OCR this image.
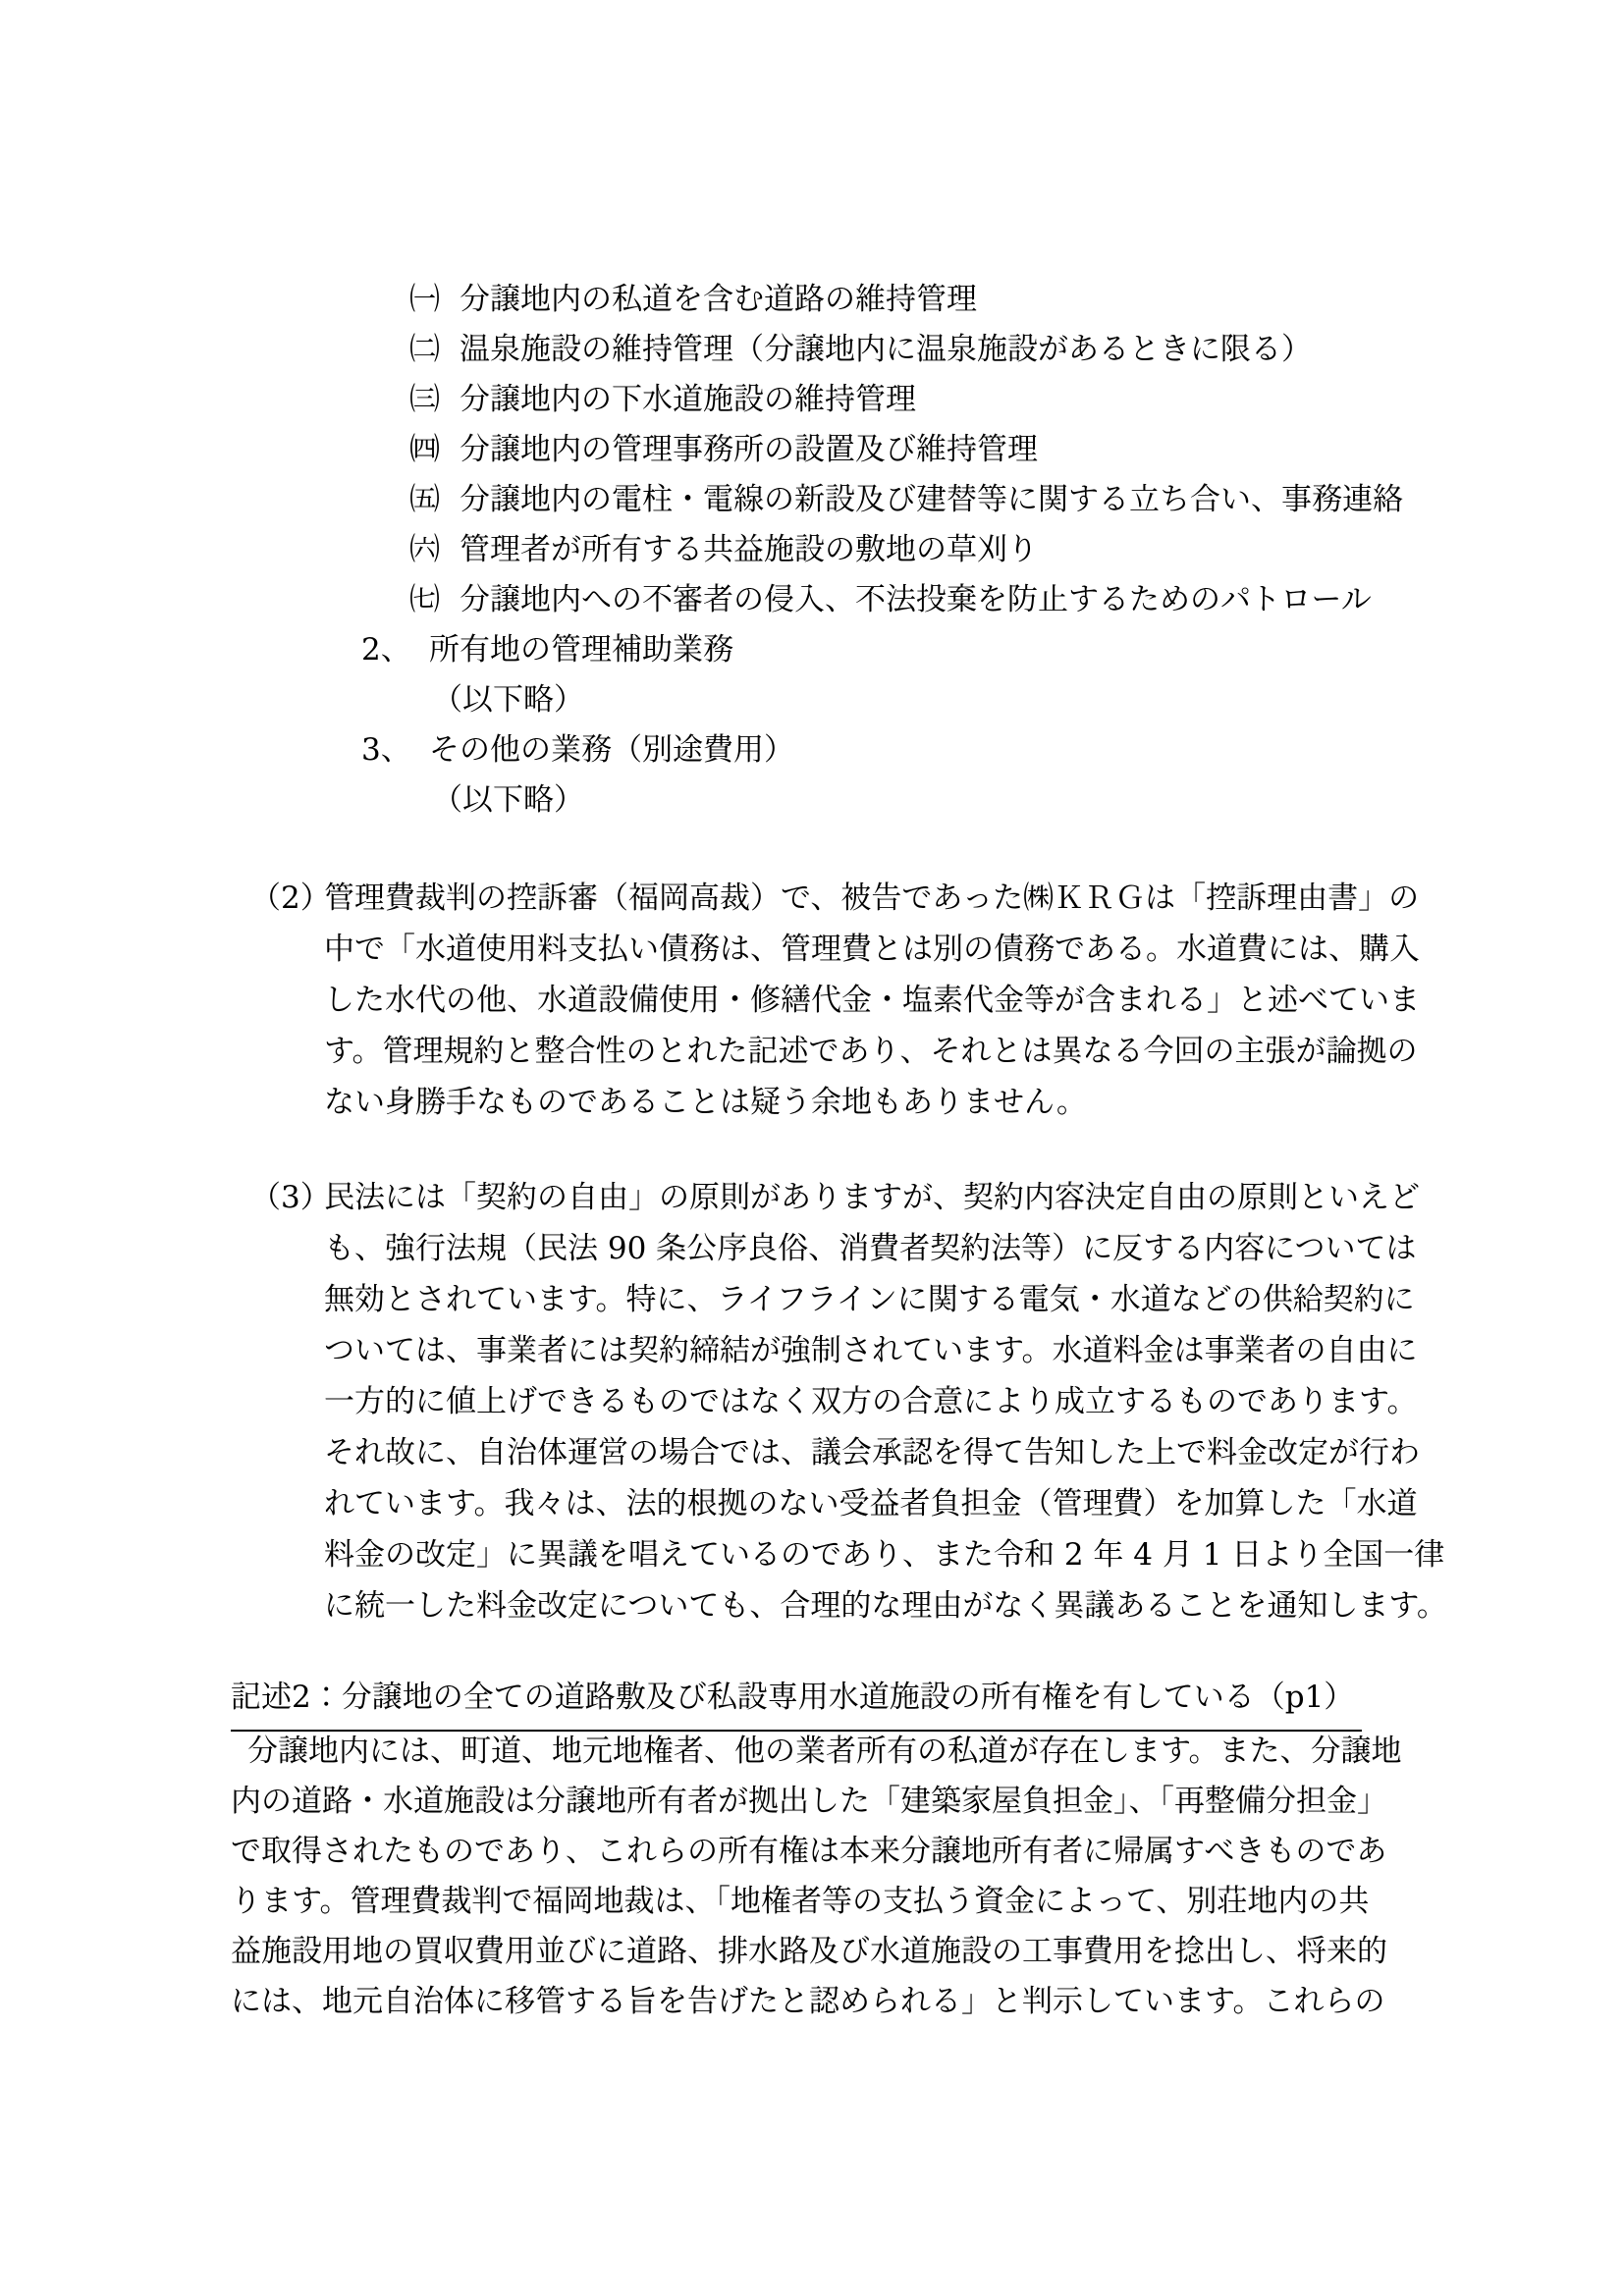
㈠ 分譲地内の私道を含む道路の維持管理
㈡ 温泉施設の維持管理（分譲地内に温泉施設があるときに限る）
㈢ 分譲地内の下水道施設の維持管理
㈣ 分譲地内の管理事務所の設置及び維持管理
㈤ 分譲地内の電柱・電線の新設及び建替等に関する立ち合い、事務連絡
㈥ 管理者が所有する共益施設の敷地の草刈り
㈦ 分譲地内への不審者の侵入、不法投棄を防止するためのパトロール
2、 所有地の管理補助業務
（以下略）
3、 その他の業務（別途費用）
（以下略）
（2）管理費裁判の控訴審（福岡高裁）で、被告であった㈱ＫＲＧは「控訴理由書」の
中で「水道使用料支払い債務は、管理費とは別の債務である。水道費には、購入
した水代の他、水道設備使用・修繕代金・塩素代金等が含まれる」と述べていま
す。管理規約と整合性のとれた記述であり、それとは異なる今回の主張が論拠の
ない身勝手なものであることは疑う余地もありません。
（3）民法には「契約の自由」の原則がありますが、契約内容決定自由の原則といえど
も、強行法規（民法 90 条公序良俗、消費者契約法等）に反する内容については
無効とされています。特に、ライフラインに関する電気・水道などの供給契約に
ついては、事業者には契約締結が強制されています。水道料金は事業者の自由に
一方的に値上げできるものではなく双方の合意により成立するものであります。
それ故に、自治体運営の場合では、議会承認を得て告知した上で料金改定が行わ
れています。我々は、法的根拠のない受益者負担金（管理費）を加算した「水道
料金の改定」に異議を唱えているのであり、また令和 2 年 4 月 1 日より全国一律
に統一した料金改定についても、合理的な理由がなく異議あることを通知します。
記述2：分譲地の全ての道路敷及び私設専用水道施設の所有権を有している（p1）
分譲地内には、町道、地元地権者、他の業者所有の私道が存在します。また、分譲地
内の道路・水道施設は分譲地所有者が拠出した「建築家屋負担金」、「再整備分担金」
で取得されたものであり、これらの所有権は本来分譲地所有者に帰属すべきものであ
ります。管理費裁判で福岡地裁は、「地権者等の支払う資金によって、別荘地内の共
益施設用地の買収費用並びに道路、排水路及び水道施設の工事費用を捻出し、将来的
には、地元自治体に移管する旨を告げたと認められる」と判示しています。これらの
